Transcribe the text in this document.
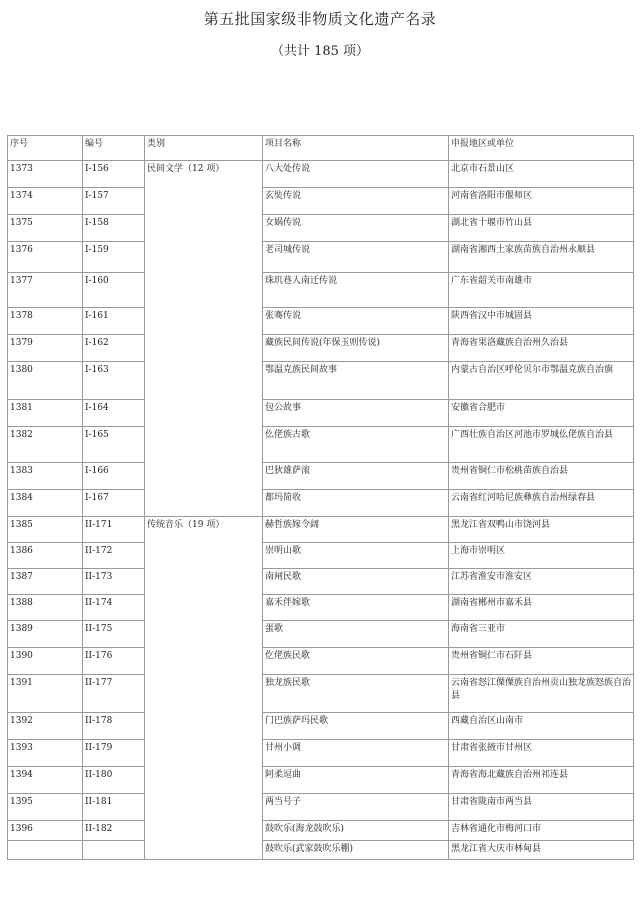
第五批国家级非物质文化遗产名录
（共计 185 项）
序号	编号	类别	项目名称	申报地区或单位
1373	I-156	民间文学（12 项）	八大处传说	北京市石景山区
1374	I-157		玄奘传说	河南省洛阳市偃师区
1375	I-158		女娲传说	湖北省十堰市竹山县
1376	I-159		老司城传说	湖南省湘西土家族苗族自治州永顺县
1377	I-160		珠玑巷人南迁传说	广东省韶关市南雄市
1378	I-161		张骞传说	陕西省汉中市城固县
1379	I-162		藏族民间传说(年保玉则传说)	青海省果洛藏族自治州久治县
1380	I-163		鄂温克族民间故事	内蒙古自治区呼伦贝尔市鄂温克族自治旗
1381	I-164		包公故事	安徽省合肥市
1382	I-165		仫佬族古歌	广西壮族自治区河池市罗城仫佬族自治县
1383	I-166		巴狄雄萨滚	贵州省铜仁市松桃苗族自治县
1384	I-167		都玛简收	云南省红河哈尼族彝族自治州绿春县
1385	II-171	传统音乐（19 项）	赫哲族嫁令阔	黑龙江省双鸭山市饶河县
1386	II-172		崇明山歌	上海市崇明区
1387	II-173		南闸民歌	江苏省淮安市淮安区
1388	II-174		嘉禾伴嫁歌	湖南省郴州市嘉禾县
1389	II-175		蛋歌	海南省三亚市
1390	II-176		仡佬族民歌	贵州省铜仁市石阡县
1391	II-177		独龙族民歌	云南省怒江傈僳族自治州贡山独龙族怒族自治县
1392	II-178		门巴族萨玛民歌	西藏自治区山南市
1393	II-179		甘州小调	甘肃省张掖市甘州区
1394	II-180		阿柔逗曲	青海省海北藏族自治州祁连县
1395	II-181		两当号子	甘肃省陇南市两当县
1396	II-182		鼓吹乐(海龙鼓吹乐)	吉林省通化市梅河口市
			鼓吹乐(武家鼓吹乐棚)	黑龙江省大庆市林甸县
